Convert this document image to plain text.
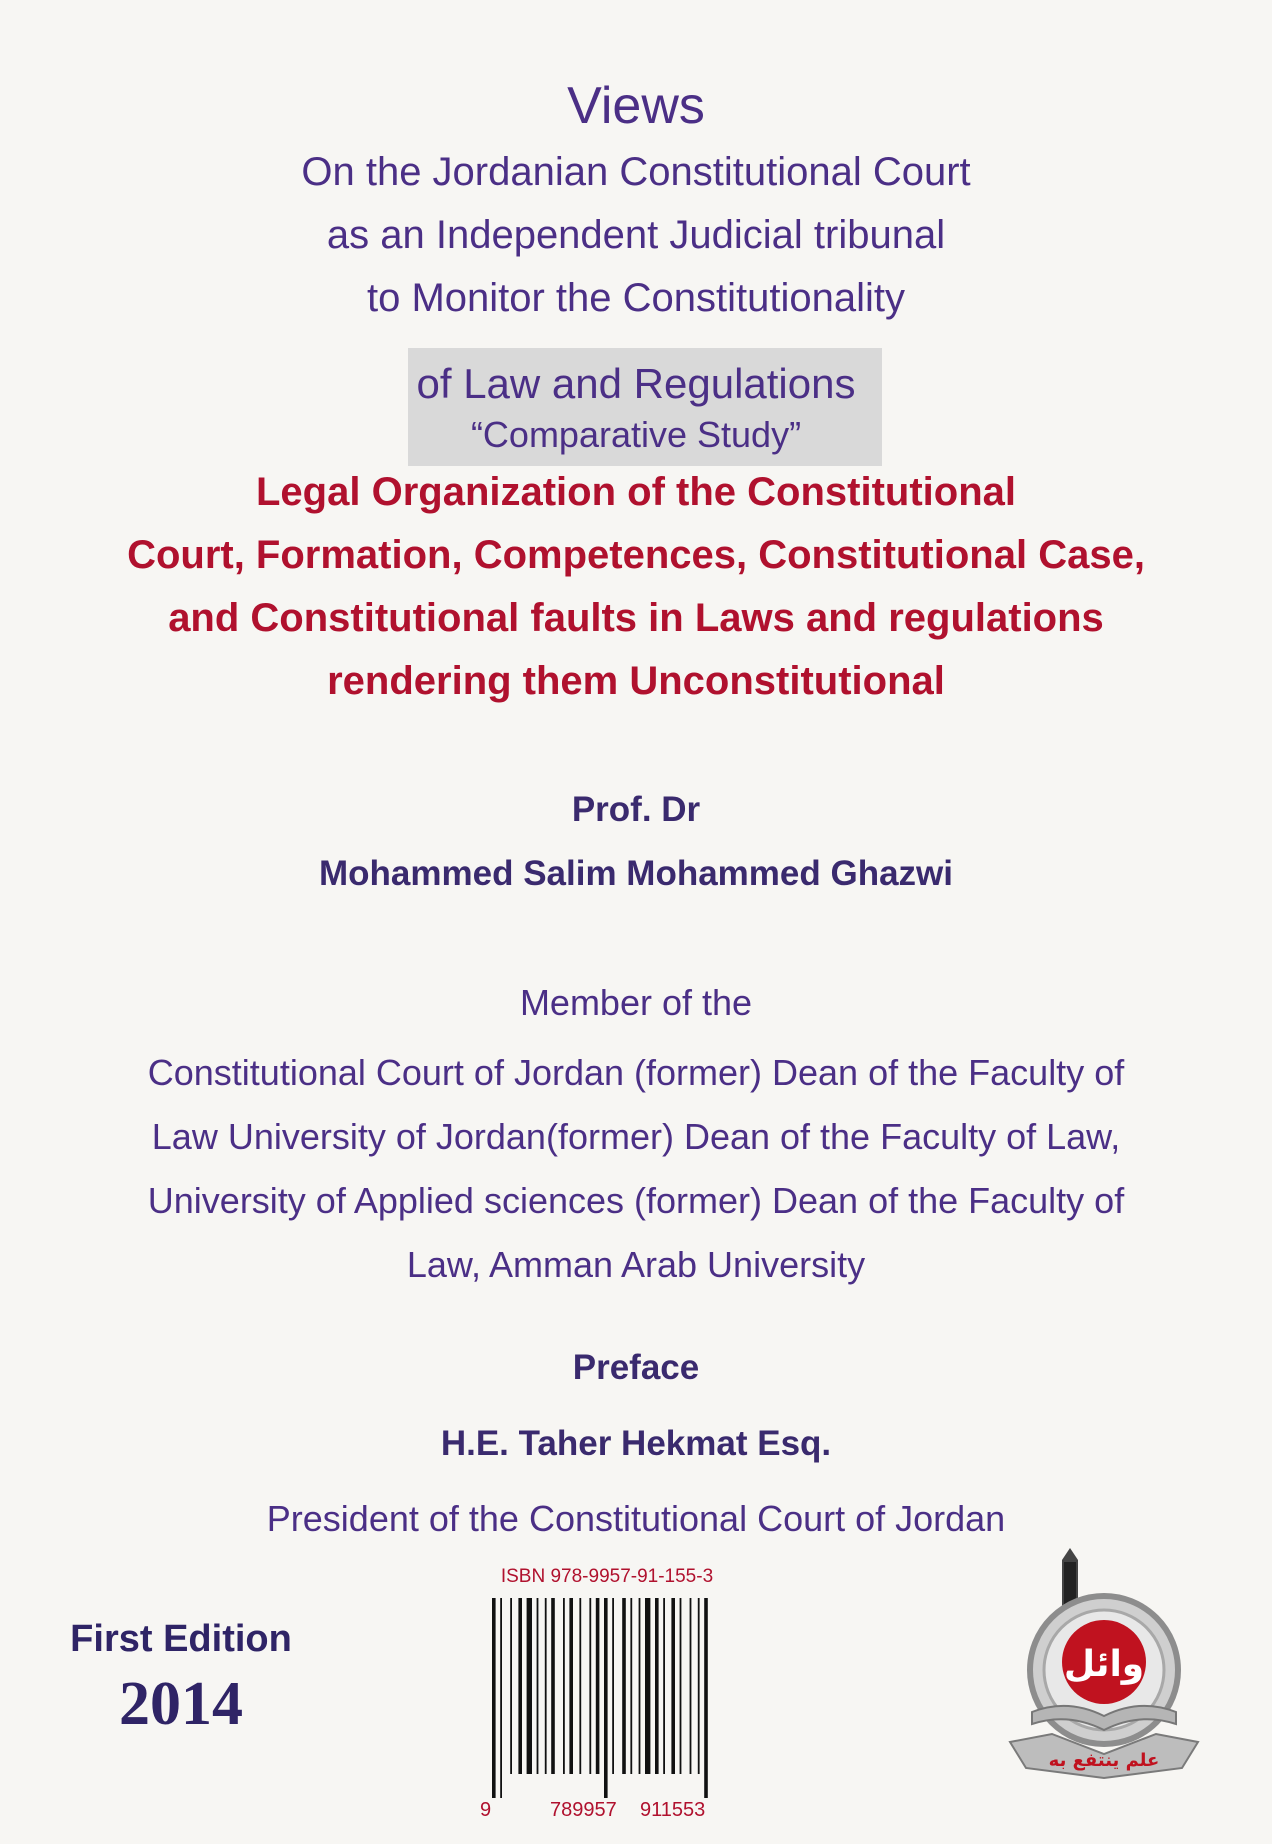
Views
On the Jordanian Constitutional Court
as an Independent Judicial tribunal
to Monitor the Constitutionality
of Law and Regulations
“Comparative Study”
Legal Organization of the Constitutional
Court, Formation, Competences, Constitutional Case,
and Constitutional faults in Laws and regulations
rendering them Unconstitutional
Prof. Dr
Mohammed Salim Mohammed Ghazwi
Member of the
Constitutional Court of Jordan (former) Dean of the Faculty of
Law University of Jordan(former) Dean of the Faculty of Law,
University of Applied sciences (former) Dean of the Faculty of
Law, Amman Arab University
Preface
H.E. Taher Hekmat Esq.
President of the Constitutional Court of Jordan
First Edition
2014
ISBN 978-9957-91-155-3
9	789957 911553
وائل
علم ينتفع به
